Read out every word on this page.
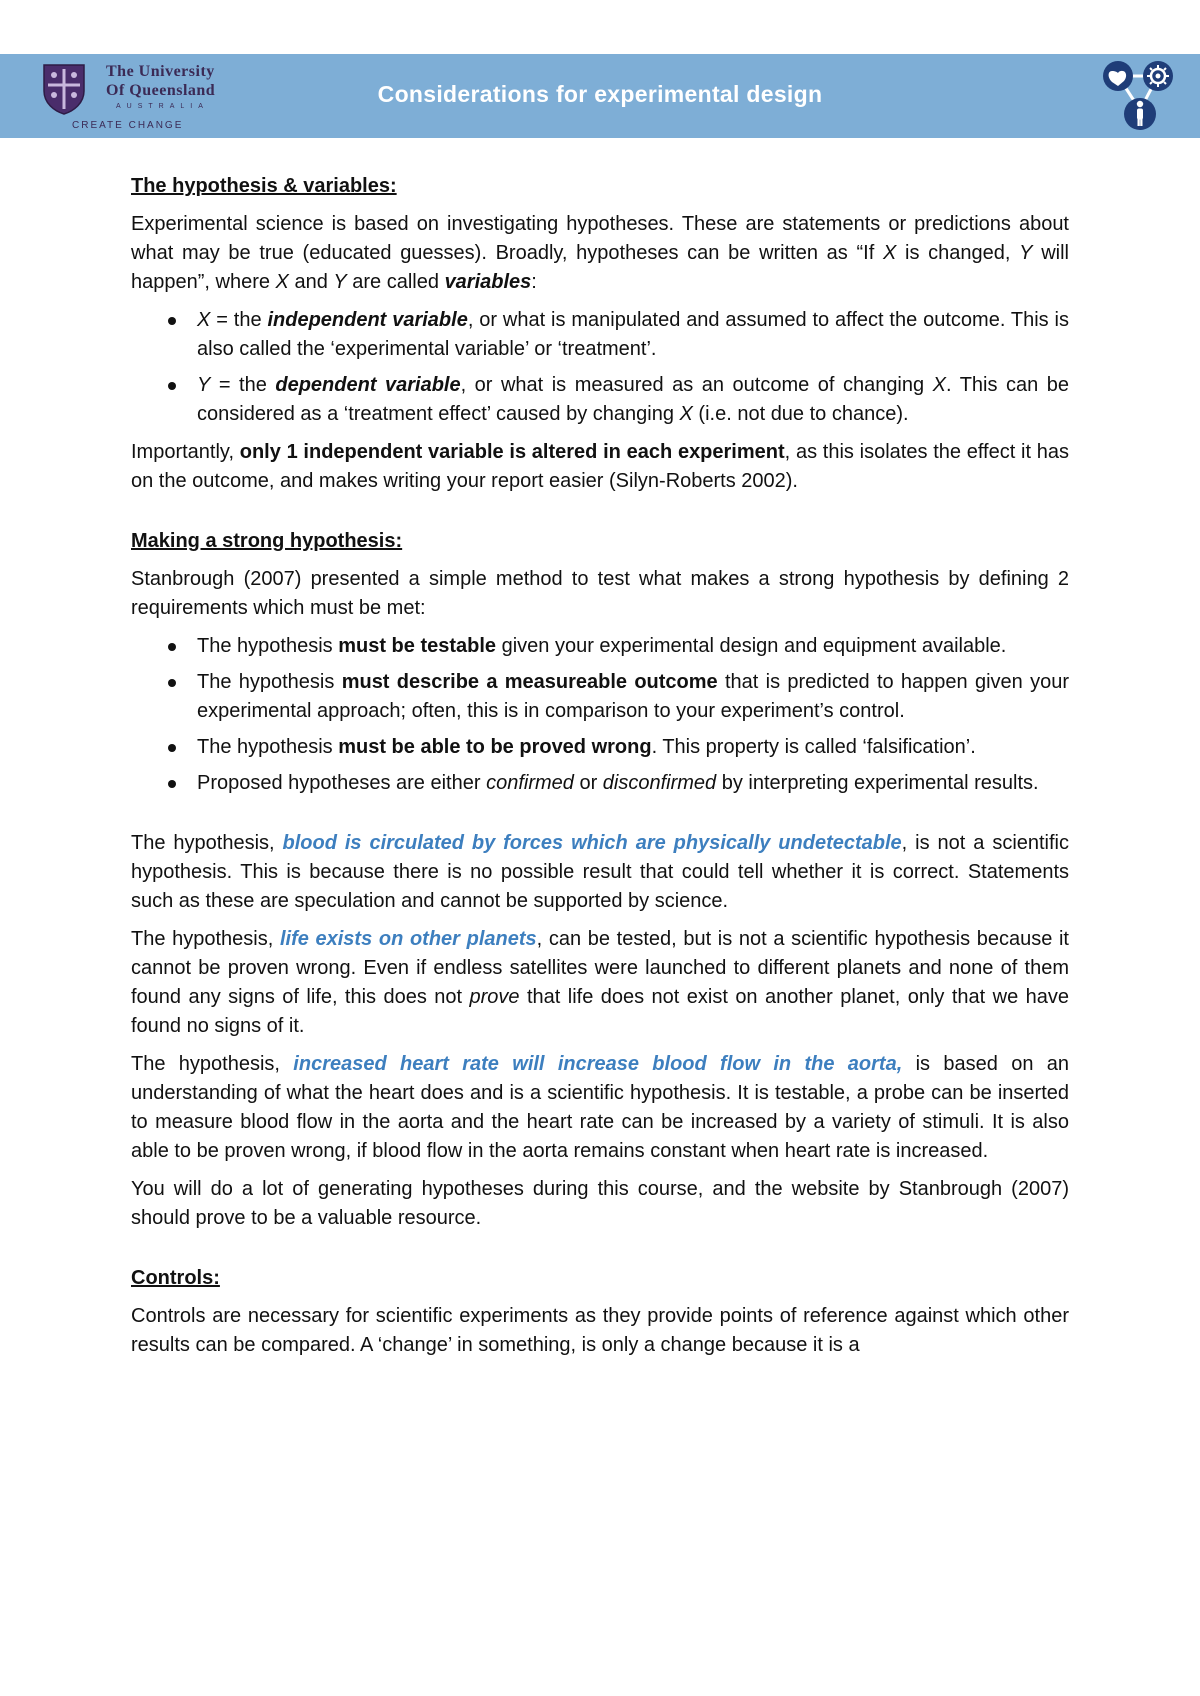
The University
Of Queensland
AUSTRALIA
CREATE CHANGE
Considerations for experimental design
The hypothesis & variables:

Experimental science is based on investigating hypotheses. These are statements or predictions about what may be true (educated guesses). Broadly, hypotheses can be written as “If X is changed, Y will happen”, where X and Y are called variables:

X = the independent variable, or what is manipulated and assumed to affect the outcome. This is also called the ‘experimental variable’ or ‘treatment’.
Y = the dependent variable, or what is measured as an outcome of changing X. This can be considered as a ‘treatment effect’ caused by changing X (i.e. not due to chance).

Importantly, only 1 independent variable is altered in each experiment, as this isolates the effect it has on the outcome, and makes writing your report easier (Silyn-Roberts 2002).

Making a strong hypothesis:

Stanbrough (2007) presented a simple method to test what makes a strong hypothesis by defining 2 requirements which must be met:

The hypothesis must be testable given your experimental design and equipment available.
The hypothesis must describe a measureable outcome that is predicted to happen given your experimental approach; often, this is in comparison to your experiment’s control.
The hypothesis must be able to be proved wrong. This property is called ‘falsification’.
Proposed hypotheses are either confirmed or disconfirmed by interpreting experimental results.

The hypothesis, blood is circulated by forces which are physically undetectable, is not a scientific hypothesis. This is because there is no possible result that could tell whether it is correct. Statements such as these are speculation and cannot be supported by science.

The hypothesis, life exists on other planets, can be tested, but is not a scientific hypothesis because it cannot be proven wrong. Even if endless satellites were launched to different planets and none of them found any signs of life, this does not prove that life does not exist on another planet, only that we have found no signs of it.

The hypothesis, increased heart rate will increase blood flow in the aorta, is based on an understanding of what the heart does and is a scientific hypothesis. It is testable, a probe can be inserted to measure blood flow in the aorta and the heart rate can be increased by a variety of stimuli. It is also able to be proven wrong, if blood flow in the aorta remains constant when heart rate is increased.

You will do a lot of generating hypotheses during this course, and the website by Stanbrough (2007) should prove to be a valuable resource.

Controls:

Controls are necessary for scientific experiments as they provide points of reference against which other results can be compared. A ‘change’ in something, is only a change because it is a
